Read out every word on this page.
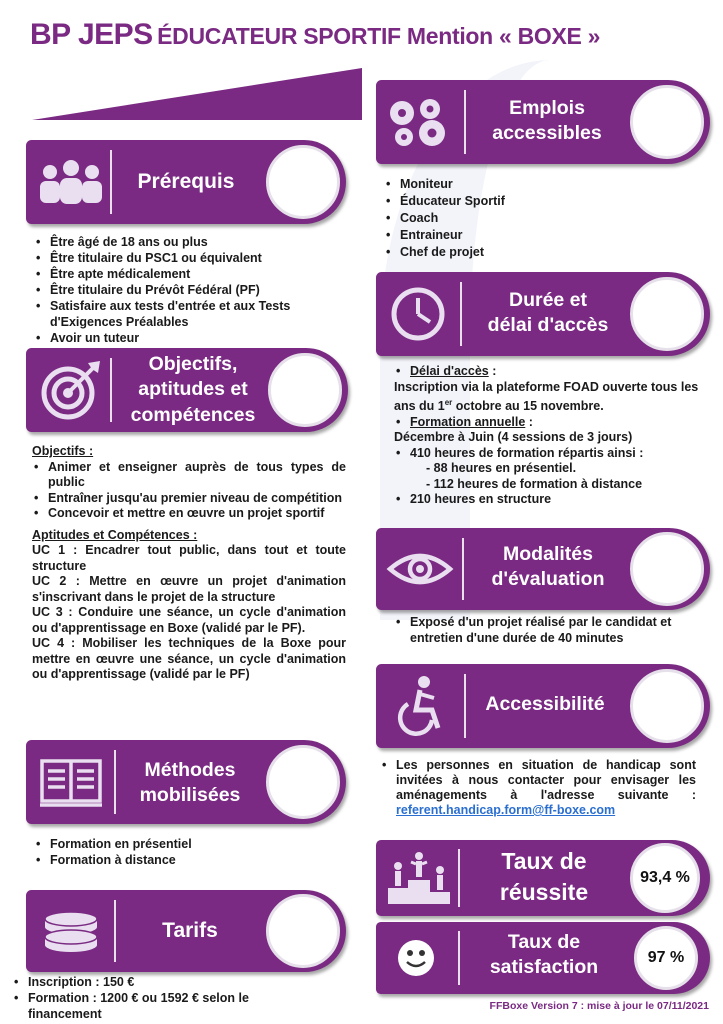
BP JEPS ÉDUCATEUR SPORTIF Mention « BOXE »
Prérequis
• Être âgé de 18 ans ou plus
• Être titulaire du PSC1 ou équivalent
• Être apte médicalement
• Être titulaire du Prévôt Fédéral (PF)
• Satisfaire aux tests d'entrée et aux Tests d'Exigences Préalables
• Avoir un tuteur
Objectifs,
aptitudes et
compétences
Objectifs :
• Animer et enseigner auprès de tous types de public
• Entraîner jusqu'au premier niveau de compétition
• Concevoir et mettre en œuvre un projet sportif
Aptitudes et Compétences :

UC 1 : Encadrer tout public, dans tout et toute structure

UC 2 : Mettre en œuvre un projet d'animation s'inscrivant dans le projet de la structure

UC 3 : Conduire une séance, un cycle d'animation ou d'apprentissage en Boxe (validé par le PF).

UC 4 : Mobiliser les techniques de la Boxe pour mettre en œuvre une séance, un cycle d'animation ou d'apprentissage (validé par le PF)

Méthodes
mobilisées
• Formation en présentiel
• Formation à distance
Tarifs
• Inscription : 150 €
• Formation : 1200 € ou 1592 € selon le financement
Emplois
accessibles
• Moniteur
• Éducateur Sportif
• Coach
• Entraineur
• Chef de projet
Durée et
délai d'accès
• Délai d'accès :

Inscription via la plateforme FOAD ouverte tous les ans du 1er octobre au 15 novembre.

• Formation annuelle :

Décembre à Juin (4 sessions de 3 jours)

• 410 heures de formation répartis ainsi :
- 88 heures en présentiel.
- 112 heures de formation à distance
• 210 heures en structure
Modalités
d'évaluation
• Exposé d'un projet réalisé par le candidat et entretien d'une durée de 40 minutes
Accessibilité
• Les personnes en situation de handicap sont invitées à nous contacter pour envisager les aménagements à l'adresse suivante : referent.handicap.form@ff-boxe.com
Taux de
réussite
93,4 %
Taux de
satisfaction	97 %
FFBoxe Version 7 : mise à jour le 07/11/2021
